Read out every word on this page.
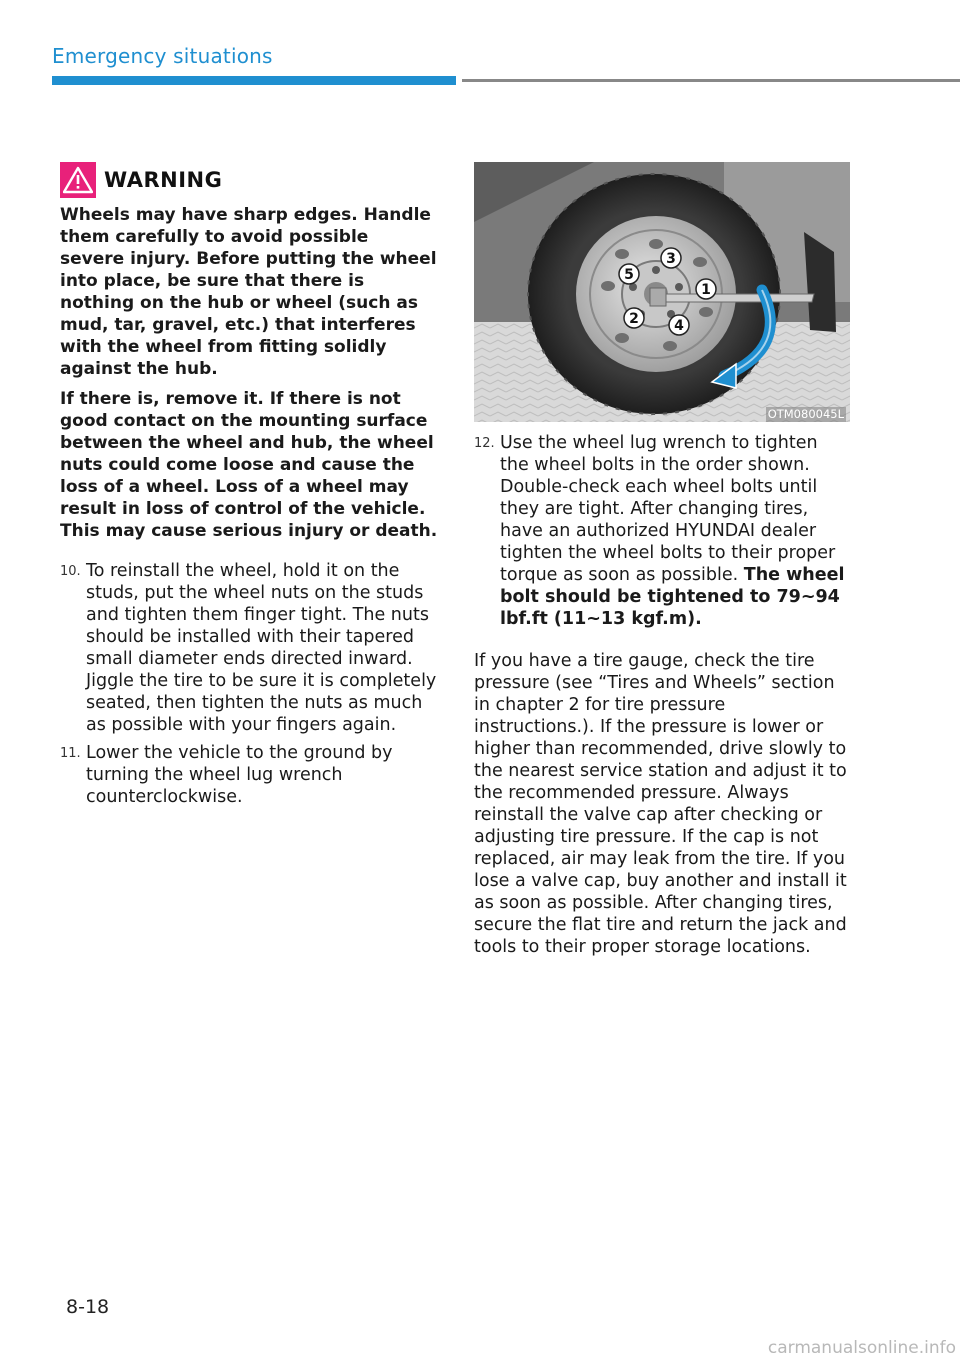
Emergency situations
WARNING

Wheels may have sharp edges. Handle them carefully to avoid possible severe injury. Before putting the wheel into place, be sure that there is nothing on the hub or wheel (such as mud, tar, gravel, etc.) that interferes with the wheel from fitting solidly against the hub.

If there is, remove it. If there is not good contact on the mounting surface between the wheel and hub, the wheel nuts could come loose and cause the loss of a wheel. Loss of a wheel may result in loss of control of the vehicle. This may cause serious injury or death.

10. To reinstall the wheel, hold it on the studs, put the wheel nuts on the studs and tighten them finger tight. The nuts should be installed with their tapered small diameter ends directed inward. Jiggle the tire to be sure it is completely seated, then tighten the nuts as much as possible with your fingers again.
11. Lower the vehicle to the ground by turning the wheel lug wrench counterclockwise.
1
2
3
4
5
OTM080045L
12. Use the wheel lug wrench to tighten the wheel bolts in the order shown. Double-check each wheel bolts until they are tight. After changing tires, have an authorized HYUNDAI dealer tighten the wheel bolts to their proper torque as soon as possible. The wheel bolt should be tightened to 79~94 lbf.ft (11~13 kgf.m).
If you have a tire gauge, check the tire pressure (see “Tires and Wheels” section in chapter 2 for tire pressure instructions.). If the pressure is lower or higher than recommended, drive slowly to the nearest service station and adjust it to the recommended pressure. Always reinstall the valve cap after checking or adjusting tire pressure. If the cap is not replaced, air may leak from the tire. If you lose a valve cap, buy another and install it as soon as possible. After changing tires, secure the flat tire and return the jack and tools to their proper storage locations.
8-18
carmanualsonline.info
